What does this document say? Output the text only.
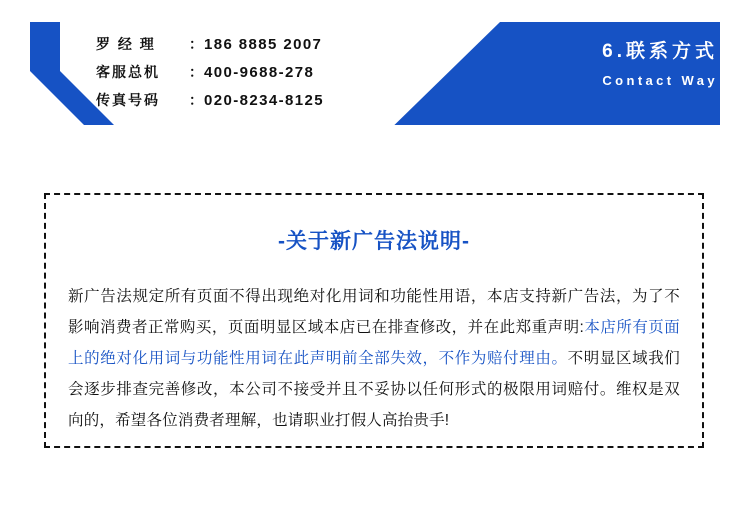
罗 经 理	： 186 8885 2007
客服总机	： 400-9688-278
传真号码	： 020-8234-8125
6.联系方式
Contact Way
-关于新广告法说明-
新广告法规定所有页面不得出现绝对化用词和功能性用语，本店支持新广告法，为了不影响消费者正常购买，页面明显区域本店已在排查修改，并在此郑重声明:本店所有页面上的绝对化用词与功能性用词在此声明前全部失效，不作为赔付理由。不明显区域我们会逐步排查完善修改，本公司不接受并且不妥协以任何形式的极限用词赔付。维权是双向的，希望各位消费者理解，也请职业打假人高抬贵手!
